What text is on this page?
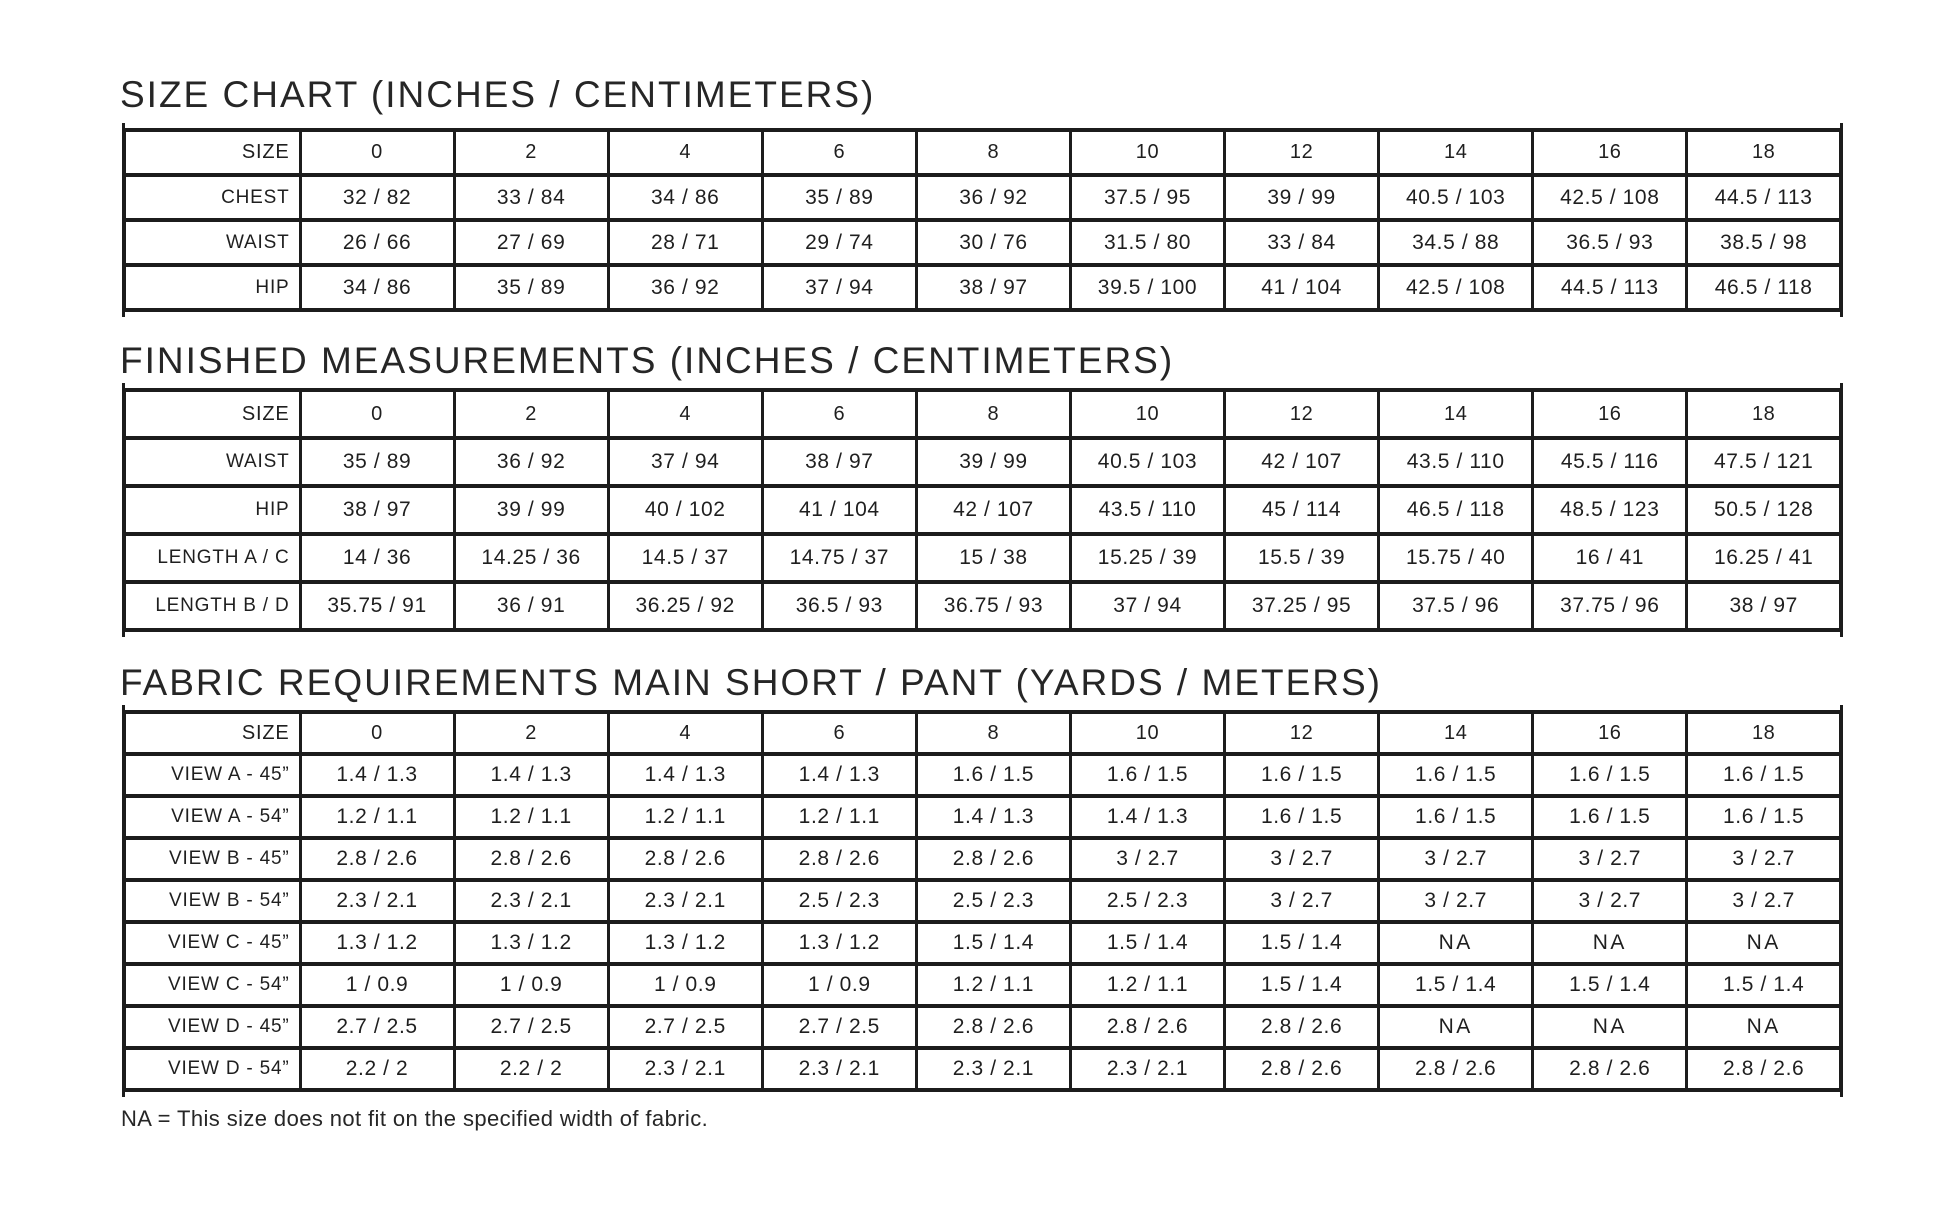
SIZE CHART (INCHES / CENTIMETERS)
SIZE	0	2	4	6	8	10	12	14	16	18
CHEST	32 / 82	33 / 84	34 / 86	35 / 89	36 / 92	37.5 / 95	39 / 99	40.5 / 103	42.5 / 108	44.5 / 113
WAIST	26 / 66	27 / 69	28 / 71	29 / 74	30 / 76	31.5 / 80	33 / 84	34.5 / 88	36.5 / 93	38.5 / 98
HIP	34 / 86	35 / 89	36 / 92	37 / 94	38 / 97	39.5 / 100	41 / 104	42.5 / 108	44.5 / 113	46.5 / 118
FINISHED MEASUREMENTS (INCHES / CENTIMETERS)
SIZE	0	2	4	6	8	10	12	14	16	18
WAIST	35 / 89	36 / 92	37 / 94	38 / 97	39 / 99	40.5 / 103	42 / 107	43.5 / 110	45.5 / 116	47.5 / 121
HIP	38 / 97	39 / 99	40 / 102	41 / 104	42 / 107	43.5 / 110	45 / 114	46.5 / 118	48.5 / 123	50.5 / 128
LENGTH A / C	14 / 36	14.25 / 36	14.5 / 37	14.75 / 37	15 / 38	15.25 / 39	15.5 / 39	15.75 / 40	16 / 41	16.25 / 41
LENGTH B / D	35.75 / 91	36 / 91	36.25 / 92	36.5 / 93	36.75 / 93	37 / 94	37.25 / 95	37.5 / 96	37.75 / 96	38 / 97
FABRIC REQUIREMENTS MAIN SHORT / PANT (YARDS / METERS)
SIZE	0	2	4	6	8	10	12	14	16	18
VIEW A - 45”	1.4 / 1.3	1.4 / 1.3	1.4 / 1.3	1.4 / 1.3	1.6 / 1.5	1.6 / 1.5	1.6 / 1.5	1.6 / 1.5	1.6 / 1.5	1.6 / 1.5
VIEW A - 54”	1.2 / 1.1	1.2 / 1.1	1.2 / 1.1	1.2 / 1.1	1.4 / 1.3	1.4 / 1.3	1.6 / 1.5	1.6 / 1.5	1.6 / 1.5	1.6 / 1.5
VIEW B - 45”	2.8 / 2.6	2.8 / 2.6	2.8 / 2.6	2.8 / 2.6	2.8 / 2.6	3 / 2.7	3 / 2.7	3 / 2.7	3 / 2.7	3 / 2.7
VIEW B - 54”	2.3 / 2.1	2.3 / 2.1	2.3 / 2.1	2.5 / 2.3	2.5 / 2.3	2.5 / 2.3	3 / 2.7	3 / 2.7	3 / 2.7	3 / 2.7
VIEW C - 45”	1.3 / 1.2	1.3 / 1.2	1.3 / 1.2	1.3 / 1.2	1.5 / 1.4	1.5 / 1.4	1.5 / 1.4	NA	NA	NA
VIEW C - 54”	1 / 0.9	1 / 0.9	1 / 0.9	1 / 0.9	1.2 / 1.1	1.2 / 1.1	1.5 / 1.4	1.5 / 1.4	1.5 / 1.4	1.5 / 1.4
VIEW D - 45”	2.7 / 2.5	2.7 / 2.5	2.7 / 2.5	2.7 / 2.5	2.8 / 2.6	2.8 / 2.6	2.8 / 2.6	NA	NA	NA
VIEW D - 54”	2.2 / 2	2.2 / 2	2.3 / 2.1	2.3 / 2.1	2.3 / 2.1	2.3 / 2.1	2.8 / 2.6	2.8 / 2.6	2.8 / 2.6	2.8 / 2.6

NA = This size does not fit on the specified width of fabric.
